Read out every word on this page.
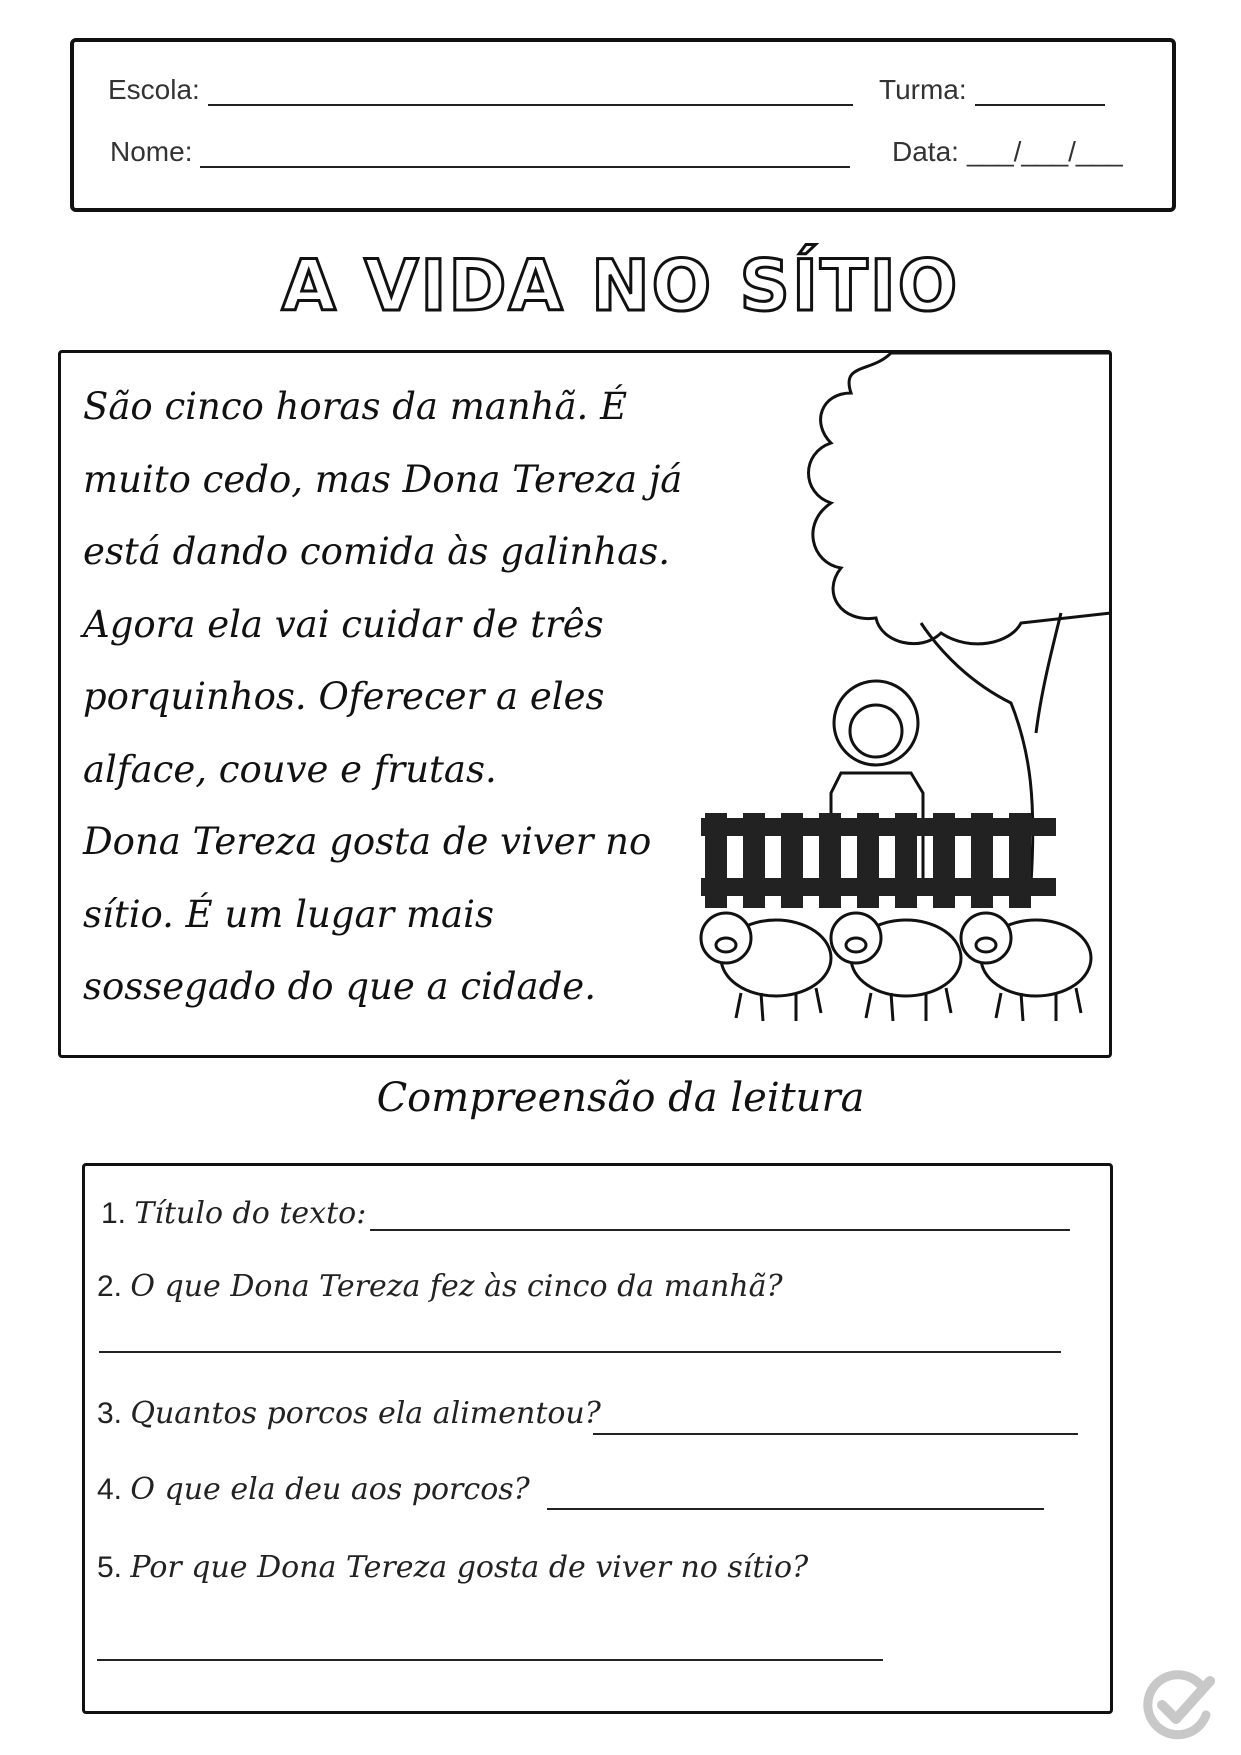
Escola:	Turma:
Nome:	Data: ___/___/___
A VIDA NO SÍTIO
São cinco horas da manhã. É
muito cedo, mas Dona Tereza já
está dando comida às galinhas.
Agora ela vai cuidar de três
porquinhos. Oferecer a eles
alface, couve e frutas.
Dona Tereza gosta de viver no
sítio. É um lugar mais
sossegado do que a cidade.
Compreensão da leitura
1.
Título do texto:
2.
O que Dona Tereza fez às cinco da manhã?
3.
Quantos porcos ela alimentou?
4.
O que ela deu aos porcos?
5.
Por que Dona Tereza gosta de viver no sítio?
